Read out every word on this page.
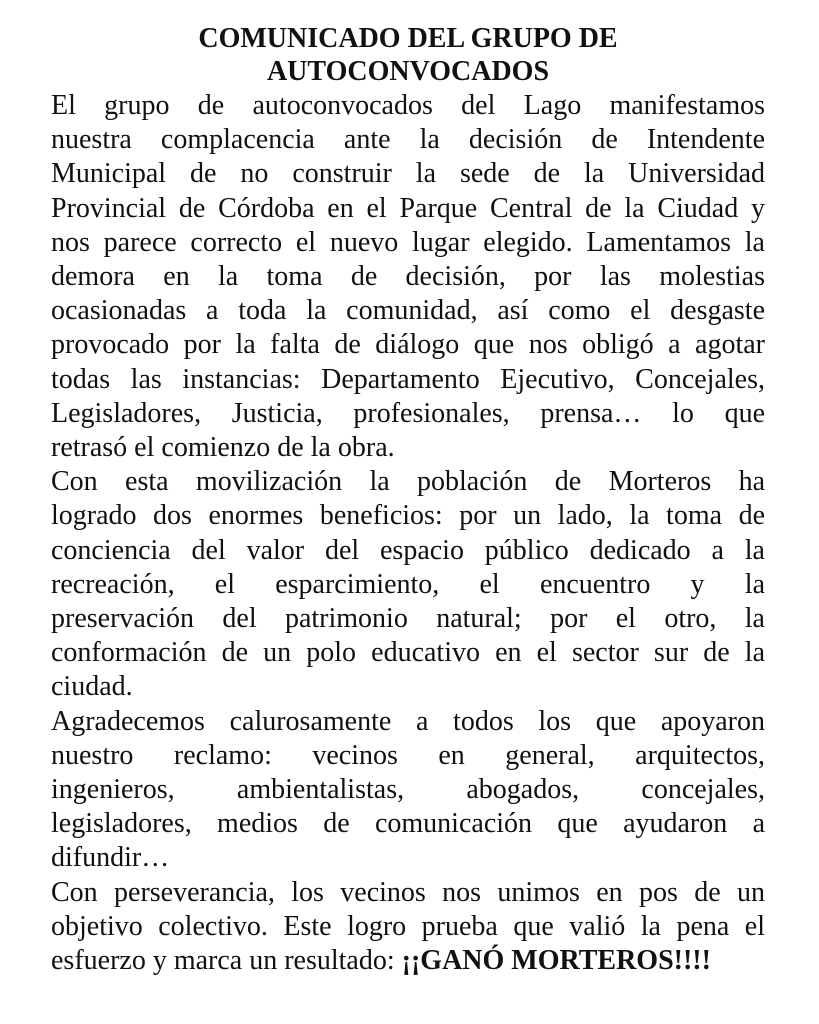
COMUNICADO DEL GRUPO DE
AUTOCONVOCADOS
El grupo de autoconvocados del Lago manifestamos
nuestra complacencia ante la decisión de Intendente
Municipal de no construir la sede de la Universidad
Provincial de Córdoba en el Parque Central de la Ciudad y
nos parece correcto el nuevo lugar elegido. Lamentamos la
demora en la toma de decisión, por las molestias
ocasionadas a toda la comunidad, así como el desgaste
provocado por la falta de diálogo que nos obligó a agotar
todas las instancias: Departamento Ejecutivo, Concejales,
Legisladores, Justicia, profesionales, prensa… lo que
retrasó el comienzo de la obra.
Con esta movilización la población de Morteros ha
logrado dos enormes beneficios: por un lado, la toma de
conciencia del valor del espacio público dedicado a la
recreación, el esparcimiento, el encuentro y la
preservación del patrimonio natural; por el otro, la
conformación de un polo educativo en el sector sur de la
ciudad.
Agradecemos calurosamente a todos los que apoyaron
nuestro reclamo: vecinos en general, arquitectos,
ingenieros, ambientalistas, abogados, concejales,
legisladores, medios de comunicación que ayudaron a
difundir…
Con perseverancia, los vecinos nos unimos en pos de un
objetivo colectivo. Este logro prueba que valió la pena el
esfuerzo y marca un resultado: ¡¡GANÓ MORTEROS!!!!
